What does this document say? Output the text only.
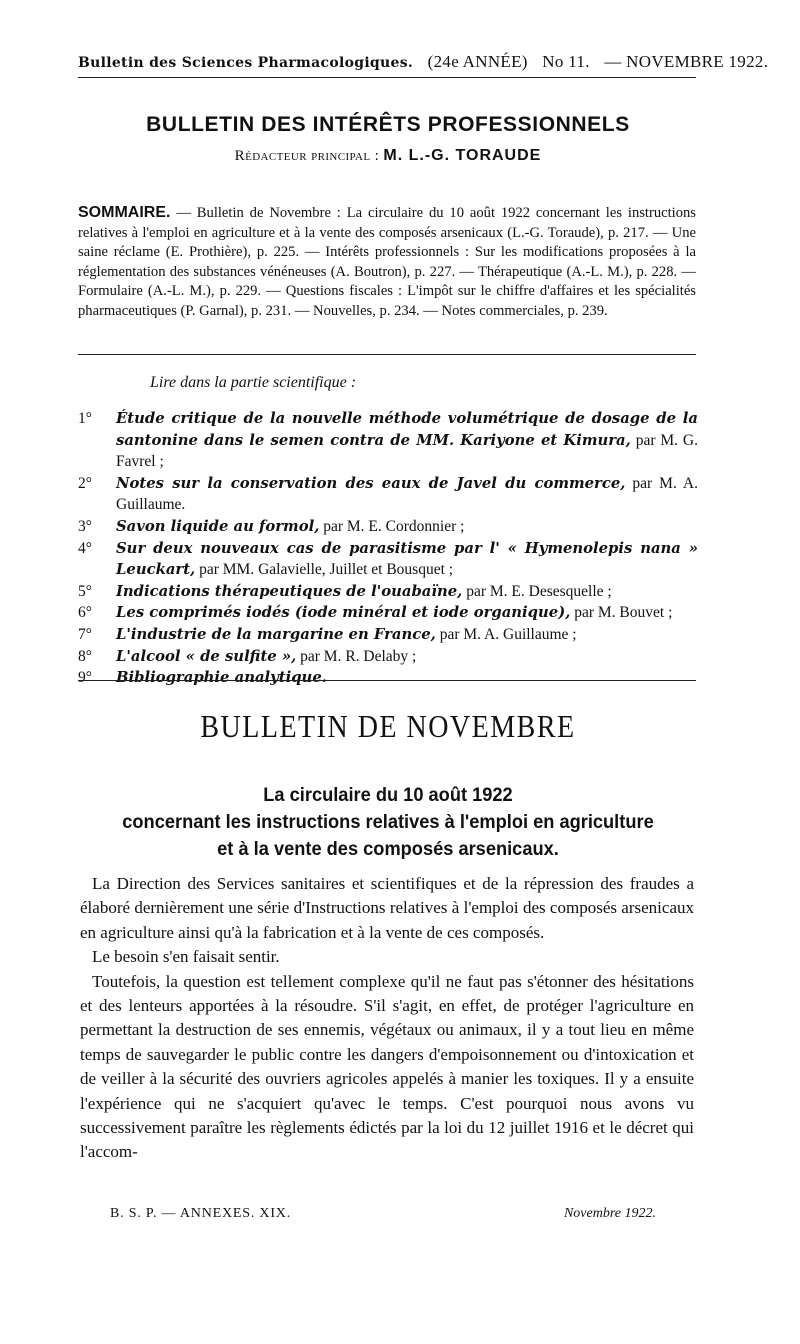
Bulletin des Sciences Pharmacologiques. (24e ANNÉE) No 11. — NOVEMBRE 1922.
BULLETIN DES INTÉRÊTS PROFESSIONNELS
Rédacteur principal : M. L.-G. TORAUDE
SOMMAIRE. — Bulletin de Novembre : La circulaire du 10 août 1922 concernant les instructions relatives à l'emploi en agriculture et à la vente des composés arsenicaux (L.-G. Toraude), p. 217. — Une saine réclame (E. Prothière), p. 225. — Intérêts professionnels : Sur les modifications proposées à la réglementation des substances vénéneuses (A. Boutron), p. 227. — Thérapeutique (A.-L. M.), p. 228. — Formulaire (A.-L. M.), p. 229. — Questions fiscales : L'impôt sur le chiffre d'affaires et les spécialités pharmaceutiques (P. Garnal), p. 231. — Nouvelles, p. 234. — Notes commerciales, p. 239.
Lire dans la partie scientifique :
1°	Étude critique de la nouvelle méthode volumétrique de dosage de la santonine dans le semen contra de MM. Kariyone et Kimura, par M. G. Favrel ;
2°	Notes sur la conservation des eaux de Javel du commerce, par M. A. Guillaume.
3°	Savon liquide au formol, par M. E. Cordonnier ;
4°	Sur deux nouveaux cas de parasitisme par l' « Hymenolepis nana » Leuckart, par MM. Galavielle, Juillet et Bousquet ;
5°	Indications thérapeutiques de l'ouabaïne, par M. E. Desesquelle ;
6°	Les comprimés iodés (iode minéral et iode organique), par M. Bouvet ;
7°	L'industrie de la margarine en France, par M. A. Guillaume ;
8°	L'alcool « de sulfite », par M. R. Delaby ;
9°	Bibliographie analytique.
BULLETIN DE NOVEMBRE
La circulaire du 10 août 1922
concernant les instructions relatives à l'emploi en agriculture
et à la vente des composés arsenicaux.

La Direction des Services sanitaires et scientifiques et de la répression des fraudes a élaboré dernièrement une série d'Instructions relatives à l'emploi des composés arsenicaux en agriculture ainsi qu'à la fabrication et à la vente de ces composés.

Le besoin s'en faisait sentir.

Toutefois, la question est tellement complexe qu'il ne faut pas s'étonner des hésitations et des lenteurs apportées à la résoudre. S'il s'agit, en effet, de protéger l'agriculture en permettant la destruction de ses ennemis, végétaux ou animaux, il y a tout lieu en même temps de sauvegarder le public contre les dangers d'empoisonnement ou d'intoxication et de veiller à la sécurité des ouvriers agricoles appelés à manier les toxiques. Il y a ensuite l'expérience qui ne s'acquiert qu'avec le temps. C'est pourquoi nous avons vu successivement paraître les règlements édictés par la loi du 12 juillet 1916 et le décret qui l'accom-

B. S. P. — ANNEXES. XIX.	Novembre 1922.
